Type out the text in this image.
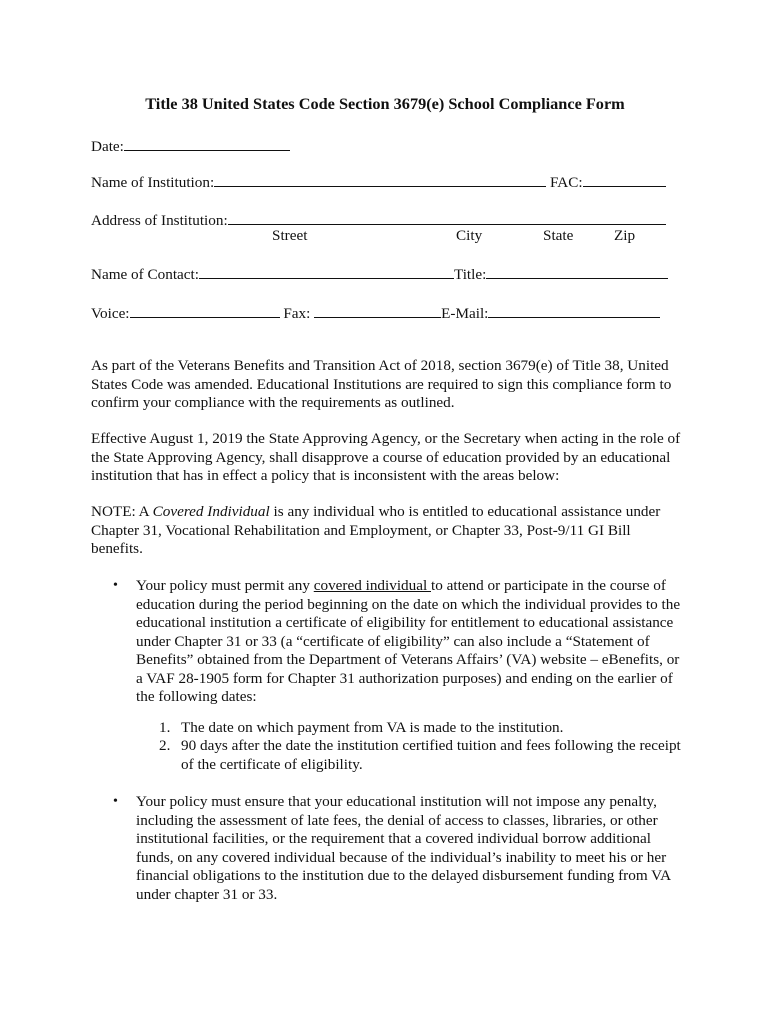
Title 38 United States Code Section 3679(e) School Compliance Form
Date:
Name of Institution:	FAC:
Address of Institution:
Street	City	State	Zip
Name of Contact:	Title:
Voice:	Fax:	E-Mail:

As part of the Veterans Benefits and Transition Act of 2018, section 3679(e) of Title 38, United States Code was amended. Educational Institutions are required to sign this compliance form to confirm your compliance with the requirements as outlined.

Effective August 1, 2019 the State Approving Agency, or the Secretary when acting in the role of the State Approving Agency, shall disapprove a course of education provided by an educational institution that has in effect a policy that is inconsistent with the areas below:

NOTE: A Covered Individual is any individual who is entitled to educational assistance under Chapter 31, Vocational Rehabilitation and Employment, or Chapter 33, Post-9/11 GI Bill benefits.

• Your policy must permit any covered individual to attend or participate in the course of education during the period beginning on the date on which the individual provides to the educational institution a certificate of eligibility for entitlement to educational assistance under Chapter 31 or 33 (a “certificate of eligibility” can also include a “Statement of Benefits” obtained from the Department of Veterans Affairs’ (VA) website – eBenefits, or a VAF 28-1905 form for Chapter 31 authorization purposes) and ending on the earlier of the following dates:
1. The date on which payment from VA is made to the institution.
2. 90 days after the date the institution certified tuition and fees following the receipt of the certificate of eligibility.
• Your policy must ensure that your educational institution will not impose any penalty, including the assessment of late fees, the denial of access to classes, libraries, or other institutional facilities, or the requirement that a covered individual borrow additional funds, on any covered individual because of the individual’s inability to meet his or her financial obligations to the institution due to the delayed disbursement funding from VA under chapter 31 or 33.
